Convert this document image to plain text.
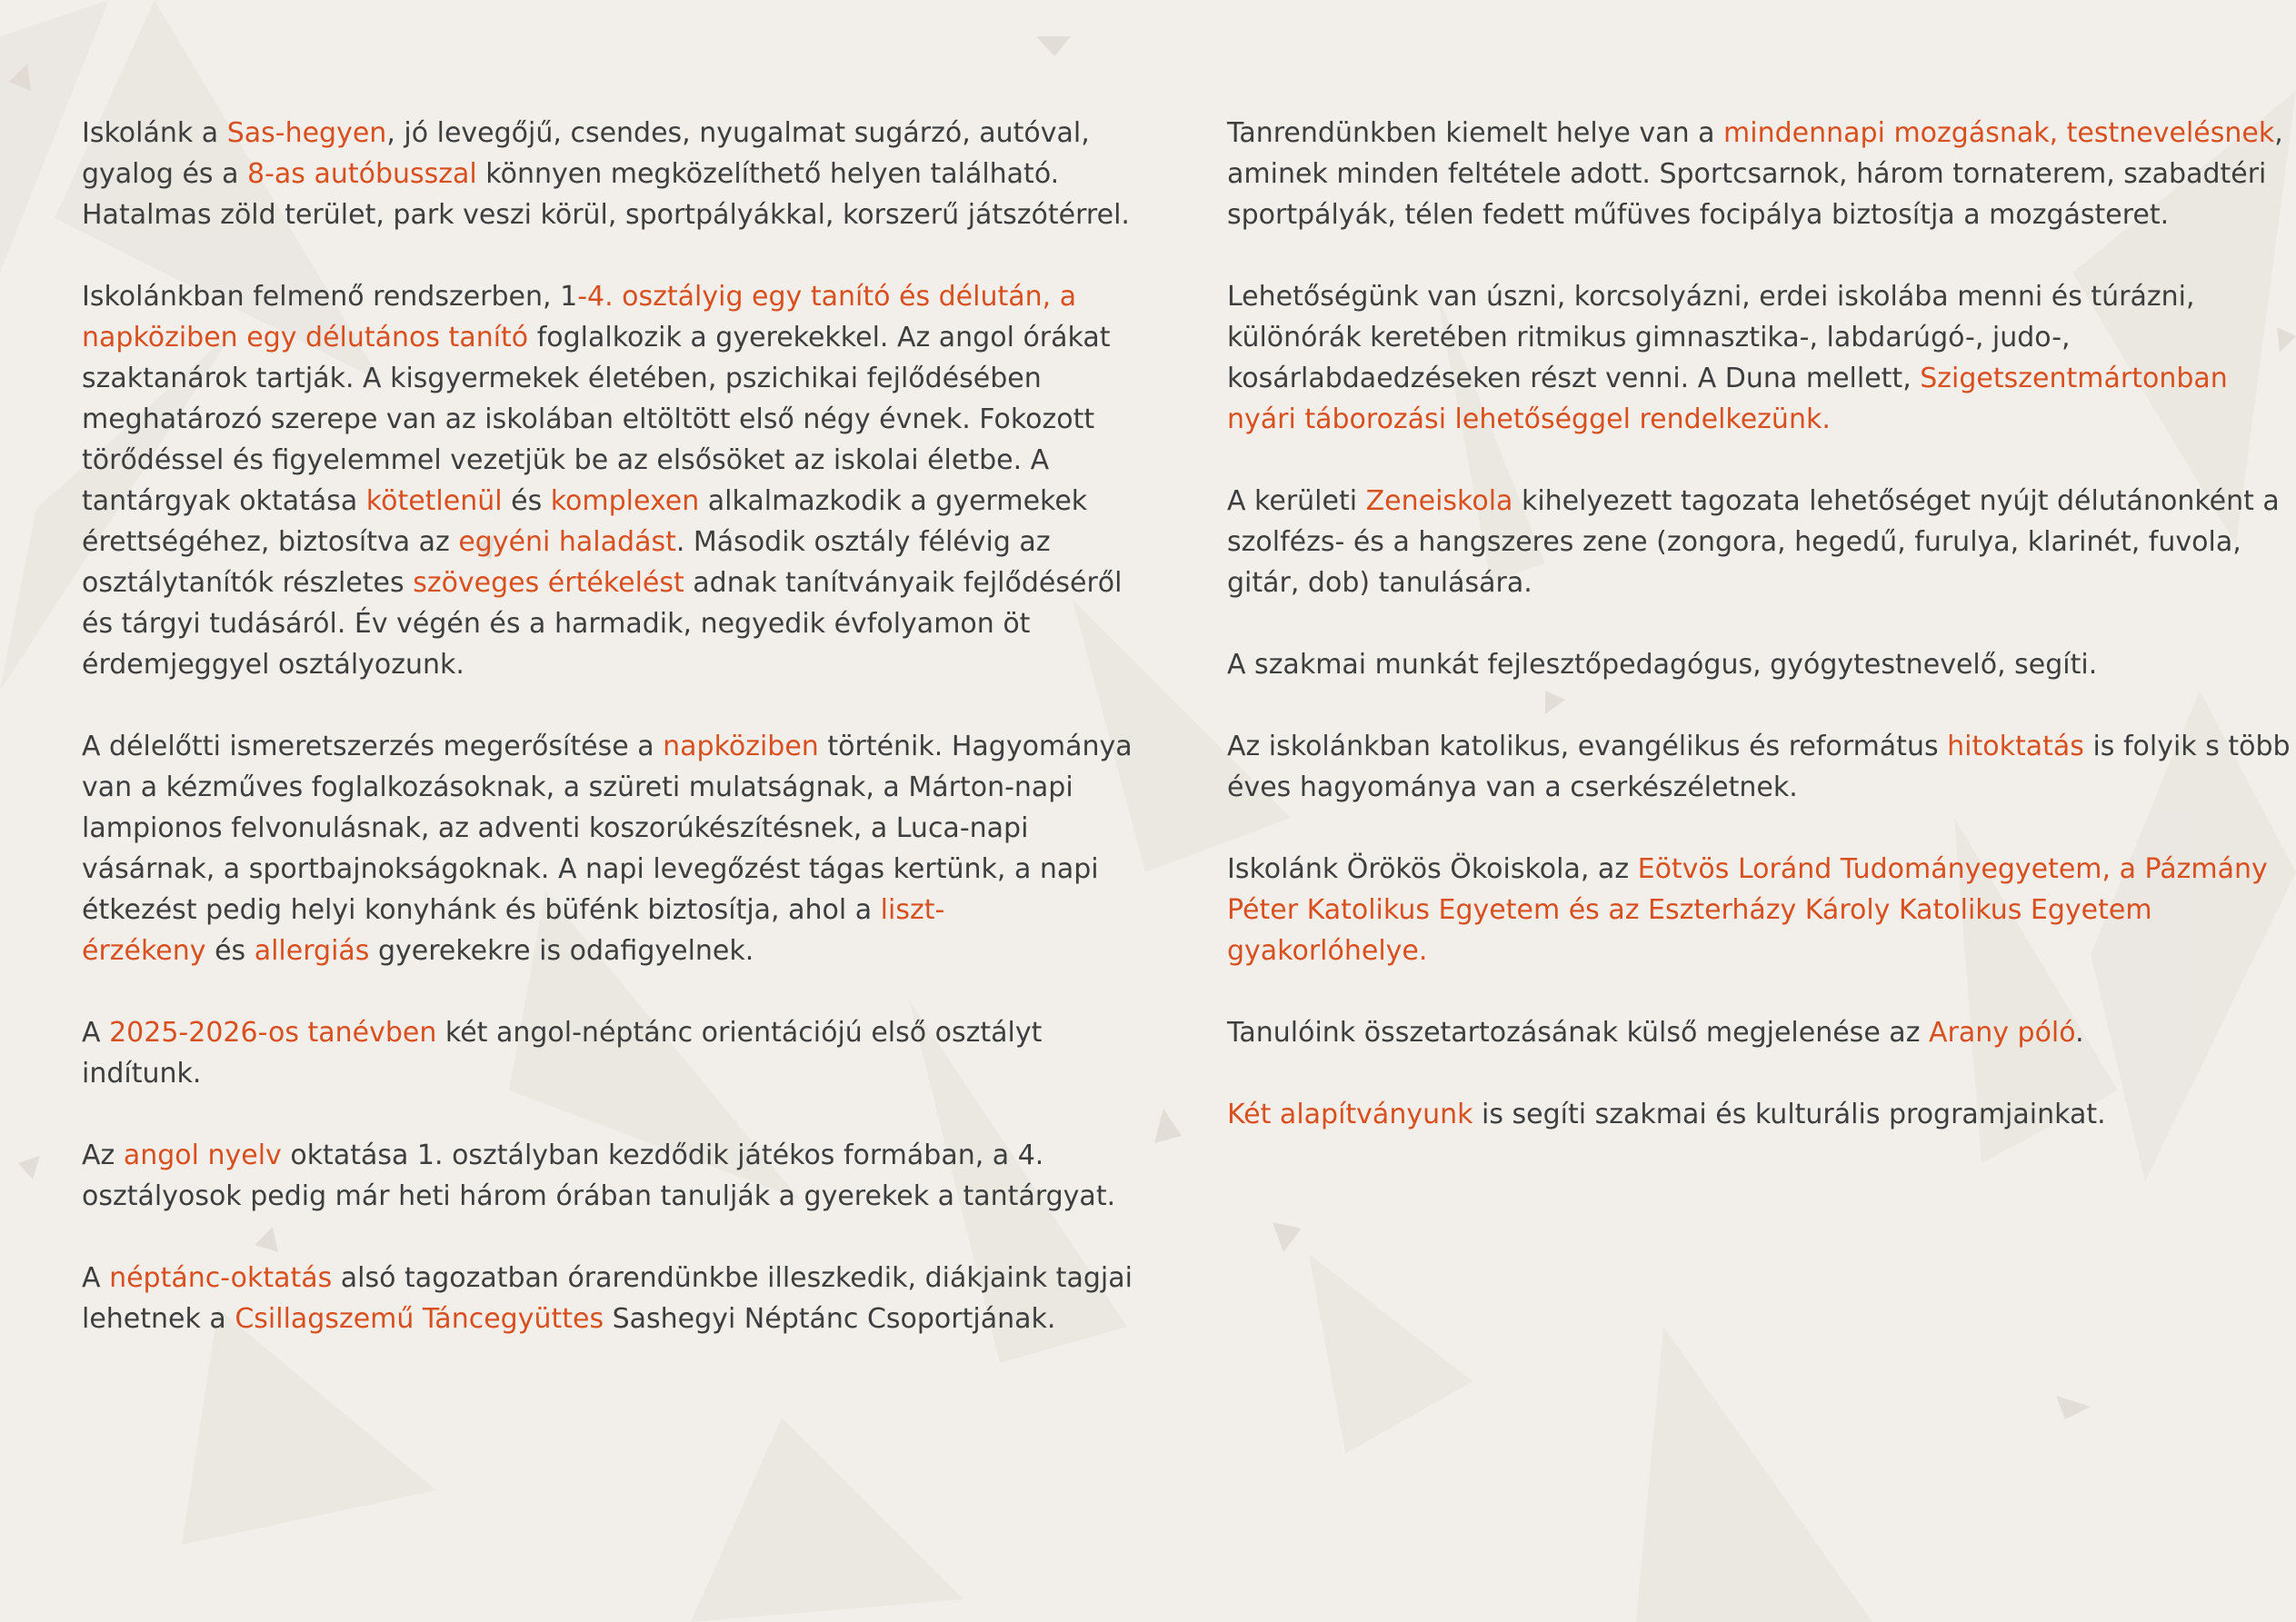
Iskolánk a Sas-hegyen, jó levegőjű, csendes, nyugalmat sugárzó, autóval,
gyalog és a 8-as autóbusszal könnyen megközelíthető helyen található.
Hatalmas zöld terület, park veszi körül, sportpályákkal, korszerű játszótérrel.

Iskolánkban felmenő rendszerben, 1-4. osztályig egy tanító és délután, a
napköziben egy délutános tanító foglalkozik a gyerekekkel. Az angol órákat
szaktanárok tartják. A kisgyermekek életében, pszichikai fejlődésében
meghatározó szerepe van az iskolában eltöltött első négy évnek. Fokozott
törődéssel és figyelemmel vezetjük be az elsősöket az iskolai életbe. A
tantárgyak oktatása kötetlenül és komplexen alkalmazkodik a gyermekek
érettségéhez, biztosítva az egyéni haladást. Második osztály félévig az
osztálytanítók részletes szöveges értékelést adnak tanítványaik fejlődéséről
és tárgyi tudásáról. Év végén és a harmadik, negyedik évfolyamon öt
érdemjeggyel osztályozunk.

A délelőtti ismeretszerzés megerősítése a napköziben történik. Hagyománya
van a kézműves foglalkozásoknak, a szüreti mulatságnak, a Márton-napi
lampionos felvonulásnak, az adventi koszorúkészítésnek, a Luca-napi
vásárnak, a sportbajnokságoknak. A napi levegőzést tágas kertünk, a napi
étkezést pedig helyi konyhánk és büfénk biztosítja, ahol a liszt-
érzékeny és allergiás gyerekekre is odafigyelnek.

A 2025-2026-os tanévben két angol-néptánc orientációjú első osztályt
indítunk.

Az angol nyelv oktatása 1. osztályban kezdődik játékos formában, a 4.
osztályosok pedig már heti három órában tanulják a gyerekek a tantárgyat.

A néptánc-oktatás alsó tagozatban órarendünkbe illeszkedik, diákjaink tagjai
lehetnek a Csillagszemű Táncegyüttes Sashegyi Néptánc Csoportjának.

Tanrendünkben kiemelt helye van a mindennapi mozgásnak, testnevelésnek,
aminek minden feltétele adott. Sportcsarnok, három tornaterem, szabadtéri
sportpályák, télen fedett műfüves focipálya biztosítja a mozgásteret.

Lehetőségünk van úszni, korcsolyázni, erdei iskolába menni és túrázni,
különórák keretében ritmikus gimnasztika-, labdarúgó-, judo-,
kosárlabdaedzéseken részt venni. A Duna mellett, Szigetszentmártonban
nyári táborozási lehetőséggel rendelkezünk.

A kerületi Zeneiskola kihelyezett tagozata lehetőséget nyújt délutánonként a
szolfézs- és a hangszeres zene (zongora, hegedű, furulya, klarinét, fuvola,
gitár, dob) tanulására.

A szakmai munkát fejlesztőpedagógus, gyógytestnevelő, segíti.

Az iskolánkban katolikus, evangélikus és református hitoktatás is folyik s több
éves hagyománya van a cserkészéletnek.

Iskolánk Örökös Ökoiskola, az Eötvös Loránd Tudományegyetem, a Pázmány
Péter Katolikus Egyetem és az Eszterházy Károly Katolikus Egyetem
gyakorlóhelye.

Tanulóink összetartozásának külső megjelenése az Arany póló.

Két alapítványunk is segíti szakmai és kulturális programjainkat.
